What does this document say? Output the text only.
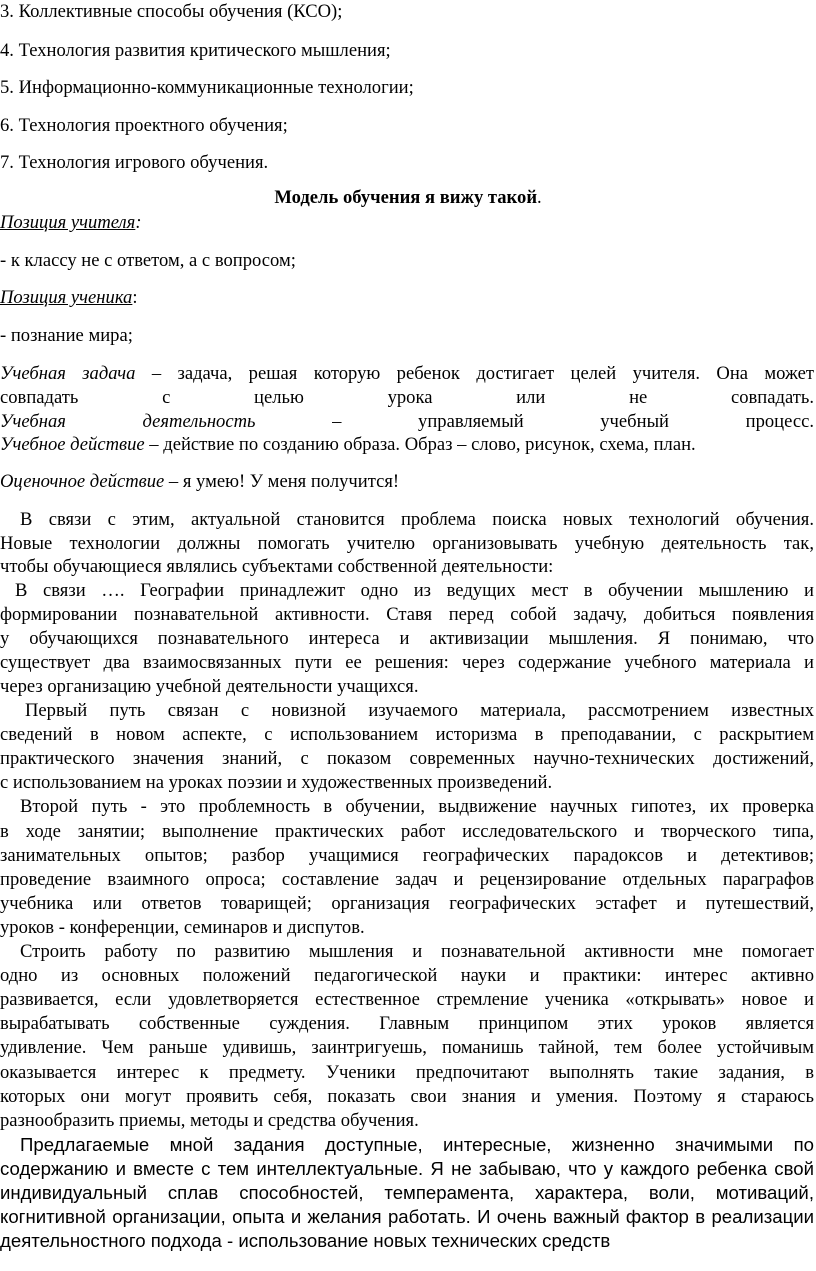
3. Коллективные способы обучения (КСО);
4. Технология развития критического мышления;
5. Информационно-коммуникационные технологии;
6. Технология проектного обучения;
7. Технология игрового обучения.
Модель обучения я вижу такой.
Позиция учителя:
- к классу не с ответом, а с вопросом;
Позиция ученика:
- познание мира;
Учебная задача – задача, решая которую ребенок достигает целей учителя. Она может
совпадать с целью урока или не совпадать.
Учебная деятельность – управляемый учебный процесс.
Учебное действие – действие по созданию образа. Образ – слово, рисунок, схема, план.
Оценочное действие – я умею! У меня получится!
В связи с этим, актуальной становится проблема поиска новых технологий обучения.
Новые технологии должны помогать учителю организовывать учебную деятельность так,
чтобы обучающиеся являлись субъектами собственной деятельности:
В связи …. Географии принадлежит одно из ведущих мест в обучении мышлению и
формировании познавательной активности. Ставя перед собой задачу, добиться появления
у обучающихся познавательного интереса и активизации мышления. Я понимаю, что
существует два взаимосвязанных пути ее решения: через содержание учебного материала и
через организацию учебной деятельности учащихся.
Первый путь связан с новизной изучаемого материала, рассмотрением известных
сведений в новом аспекте, с использованием историзма в преподавании, с раскрытием
практического значения знаний, с показом современных научно-технических достижений,
с использованием на уроках поэзии и художественных произведений.
Второй путь - это проблемность в обучении, выдвижение научных гипотез, их проверка
в ходе занятии; выполнение практических работ исследовательского и творческого типа,
занимательных опытов; разбор учащимися географических парадоксов и детективов;
проведение взаимного опроса; составление задач и рецензирование отдельных параграфов
учебника или ответов товарищей; организация географических эстафет и путешествий,
уроков - конференции, семинаров и диспутов.
Строить работу по развитию мышления и познавательной активности мне помогает
одно из основных положений педагогической науки и практики: интерес активно
развивается, если удовлетворяется естественное стремление ученика «открывать» новое и
вырабатывать собственные суждения. Главным принципом этих уроков является
удивление. Чем раньше удивишь, заинтригуешь, поманишь тайной, тем более устойчивым
оказывается интерес к предмету. Ученики предпочитают выполнять такие задания, в
которых они могут проявить себя, показать свои знания и умения. Поэтому я стараюсь
разнообразить приемы, методы и средства обучения.
Предлагаемые мной задания доступные, интересные, жизненно значимыми по
содержанию и вместе с тем интеллектуальные. Я не забываю, что у каждого ребенка свой
индивидуальный сплав способностей, темперамента, характера, воли, мотиваций,
когнитивной организации, опыта и желания работать. И очень важный фактор в реализации
деятельностного подхода - использование новых технических средств
